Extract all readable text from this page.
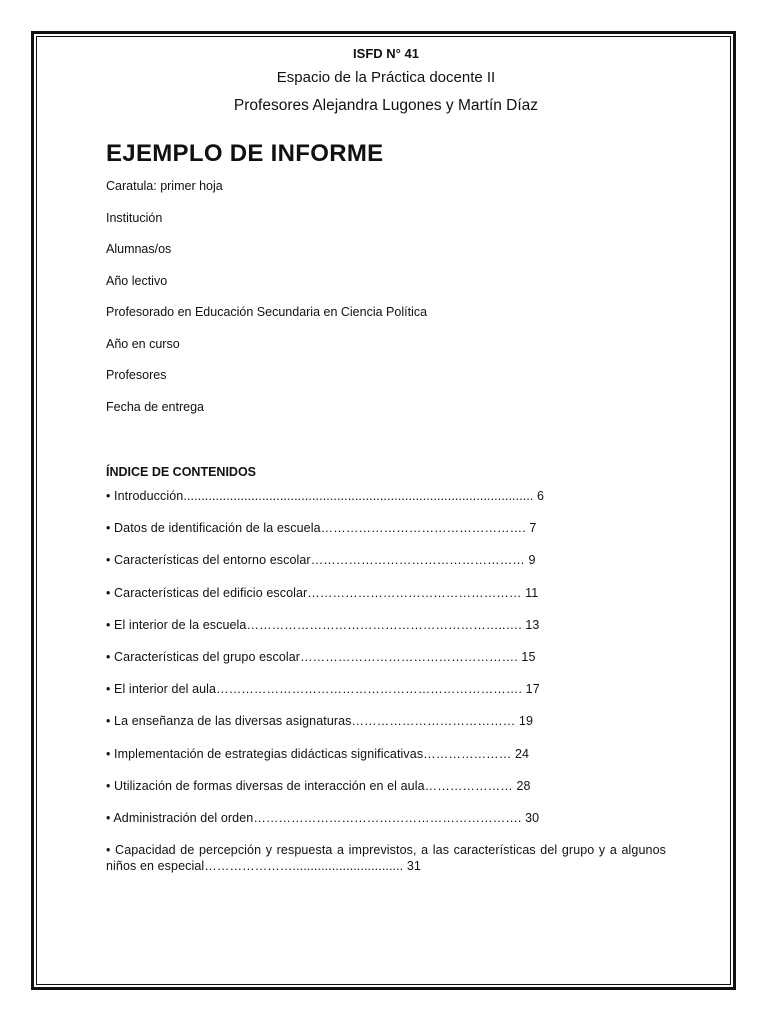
ISFD N° 41
Espacio de la Práctica docente II
Profesores Alejandra Lugones y Martín Díaz
EJEMPLO DE INFORME
Caratula: primer hoja
Institución
Alumnas/os
Año lectivo
Profesorado en Educación Secundaria en Ciencia Política
Año en curso
Profesores
Fecha de entrega
ÍNDICE DE CONTENIDOS
• Introducción.................................................................................................. 6
• Datos de identificación de la escuela…………………………………………. 7
• Características del entorno escolar…………………………………………… 9
• Características del edificio escolar…………………………………………… 11
• El interior de la escuela……………………………………………………..…. 13
• Características del grupo escolar……………………………………………. 15
• El interior del aula………………………………………………………………. 17
• La enseñanza de las diversas asignaturas………………………………… 19
• Implementación de estrategias didácticas significativas………………… 24
• Utilización de formas diversas de interacción en el aula………………… 28
• Administración del orden………………………………………………………. 30
• Capacidad de percepción y respuesta a imprevistos, a las características del grupo y a algunos niños en especial…………………............................... 31
